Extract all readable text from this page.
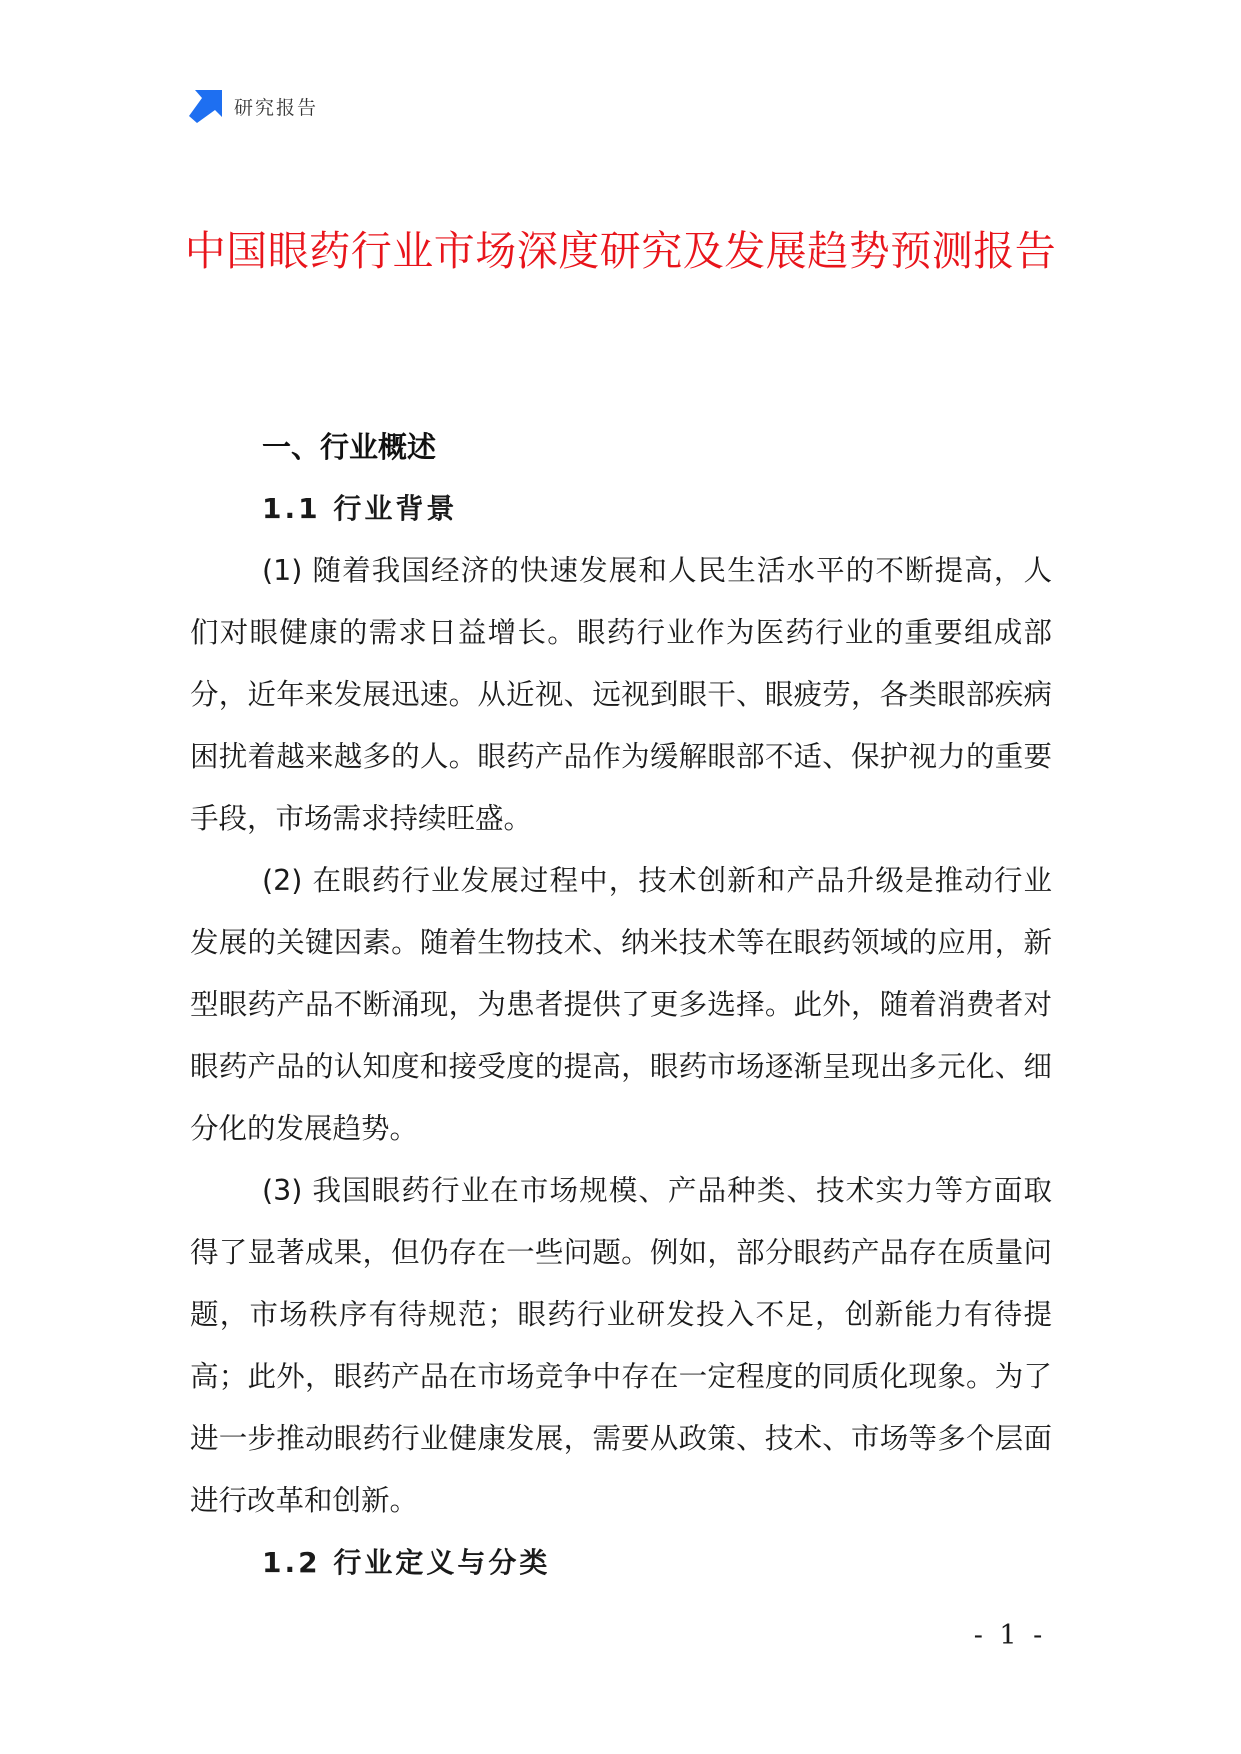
研究报告
中国眼药行业市场深度研究及发展趋势预测报告
一、行业概述
1.1 行业背景

(1) 随着我国经济的快速发展和人民生活水平的不断提高，人们对眼健康的需求日益增长。眼药行业作为医药行业的重要组成部分，近年来发展迅速。从近视、远视到眼干、眼疲劳，各类眼部疾病困扰着越来越多的人。眼药产品作为缓解眼部不适、保护视力的重要手段，市场需求持续旺盛。

(2) 在眼药行业发展过程中，技术创新和产品升级是推动行业发展的关键因素。随着生物技术、纳米技术等在眼药领域的应用，新型眼药产品不断涌现，为患者提供了更多选择。此外，随着消费者对眼药产品的认知度和接受度的提高，眼药市场逐渐呈现出多元化、细分化的发展趋势。

(3) 我国眼药行业在市场规模、产品种类、技术实力等方面取得了显著成果，但仍存在一些问题。例如，部分眼药产品存在质量问题，市场秩序有待规范；眼药行业研发投入不足，创新能力有待提高；此外，眼药产品在市场竞争中存在一定程度的同质化现象。为了进一步推动眼药行业健康发展，需要从政策、技术、市场等多个层面进行改革和创新。

1.2 行业定义与分类
- 1 -
